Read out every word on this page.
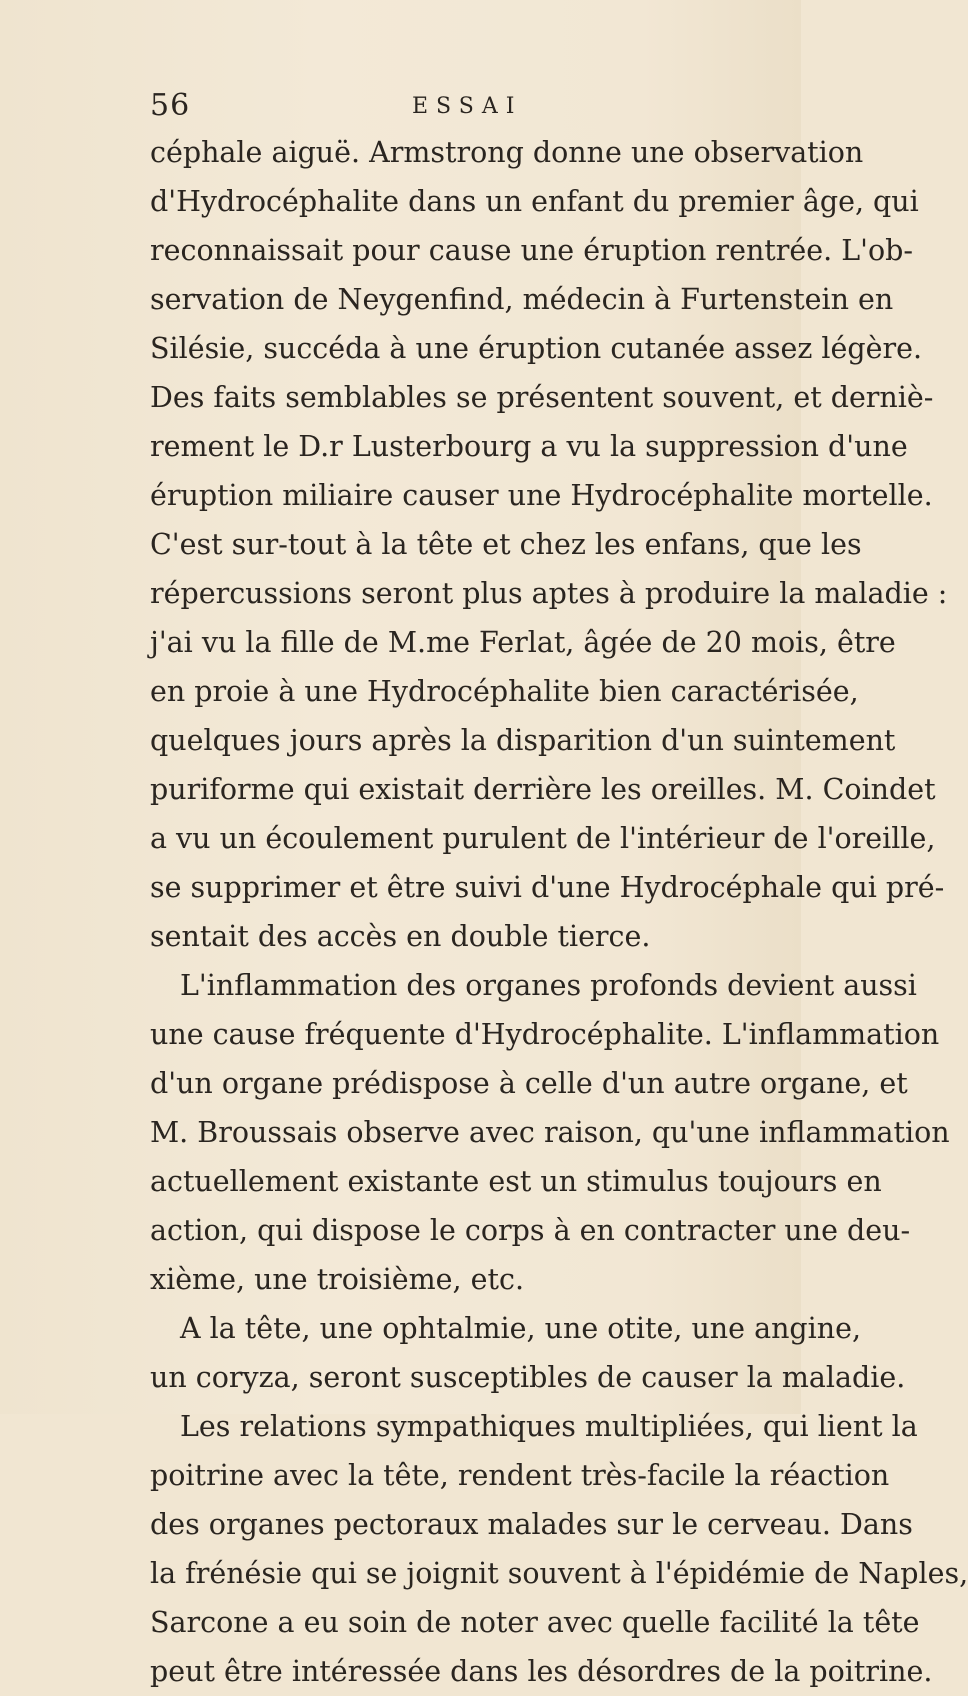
56	ESSAI
céphale aiguë. Armstrong donne une observation
d'Hydrocéphalite dans un enfant du premier âge, qui
reconnaissait pour cause une éruption rentrée. L'ob-
servation de Neygenfind, médecin à Furtenstein en
Silésie, succéda à une éruption cutanée assez légère.
Des faits semblables se présentent souvent, et derniè-
rement le D.r Lusterbourg a vu la suppression d'une
éruption miliaire causer une Hydrocéphalite mortelle.
C'est sur-tout à la tête et chez les enfans, que les
répercussions seront plus aptes à produire la maladie :
j'ai vu la fille de M.me Ferlat, âgée de 20 mois, être
en proie à une Hydrocéphalite bien caractérisée,
quelques jours après la disparition d'un suintement
puriforme qui existait derrière les oreilles. M. Coindet
a vu un écoulement purulent de l'intérieur de l'oreille,
se supprimer et être suivi d'une Hydrocéphale qui pré-
sentait des accès en double tierce.
L'inflammation des organes profonds devient aussi
une cause fréquente d'Hydrocéphalite. L'inflammation
d'un organe prédispose à celle d'un autre organe, et
M. Broussais observe avec raison, qu'une inflammation
actuellement existante est un stimulus toujours en
action, qui dispose le corps à en contracter une deu-
xième, une troisième, etc.
A la tête, une ophtalmie, une otite, une angine,
un coryza, seront susceptibles de causer la maladie.
Les relations sympathiques multipliées, qui lient la
poitrine avec la tête, rendent très-facile la réaction
des organes pectoraux malades sur le cerveau. Dans
la frénésie qui se joignit souvent à l'épidémie de Naples,
Sarcone a eu soin de noter avec quelle facilité la tête
peut être intéressée dans les désordres de la poitrine.
